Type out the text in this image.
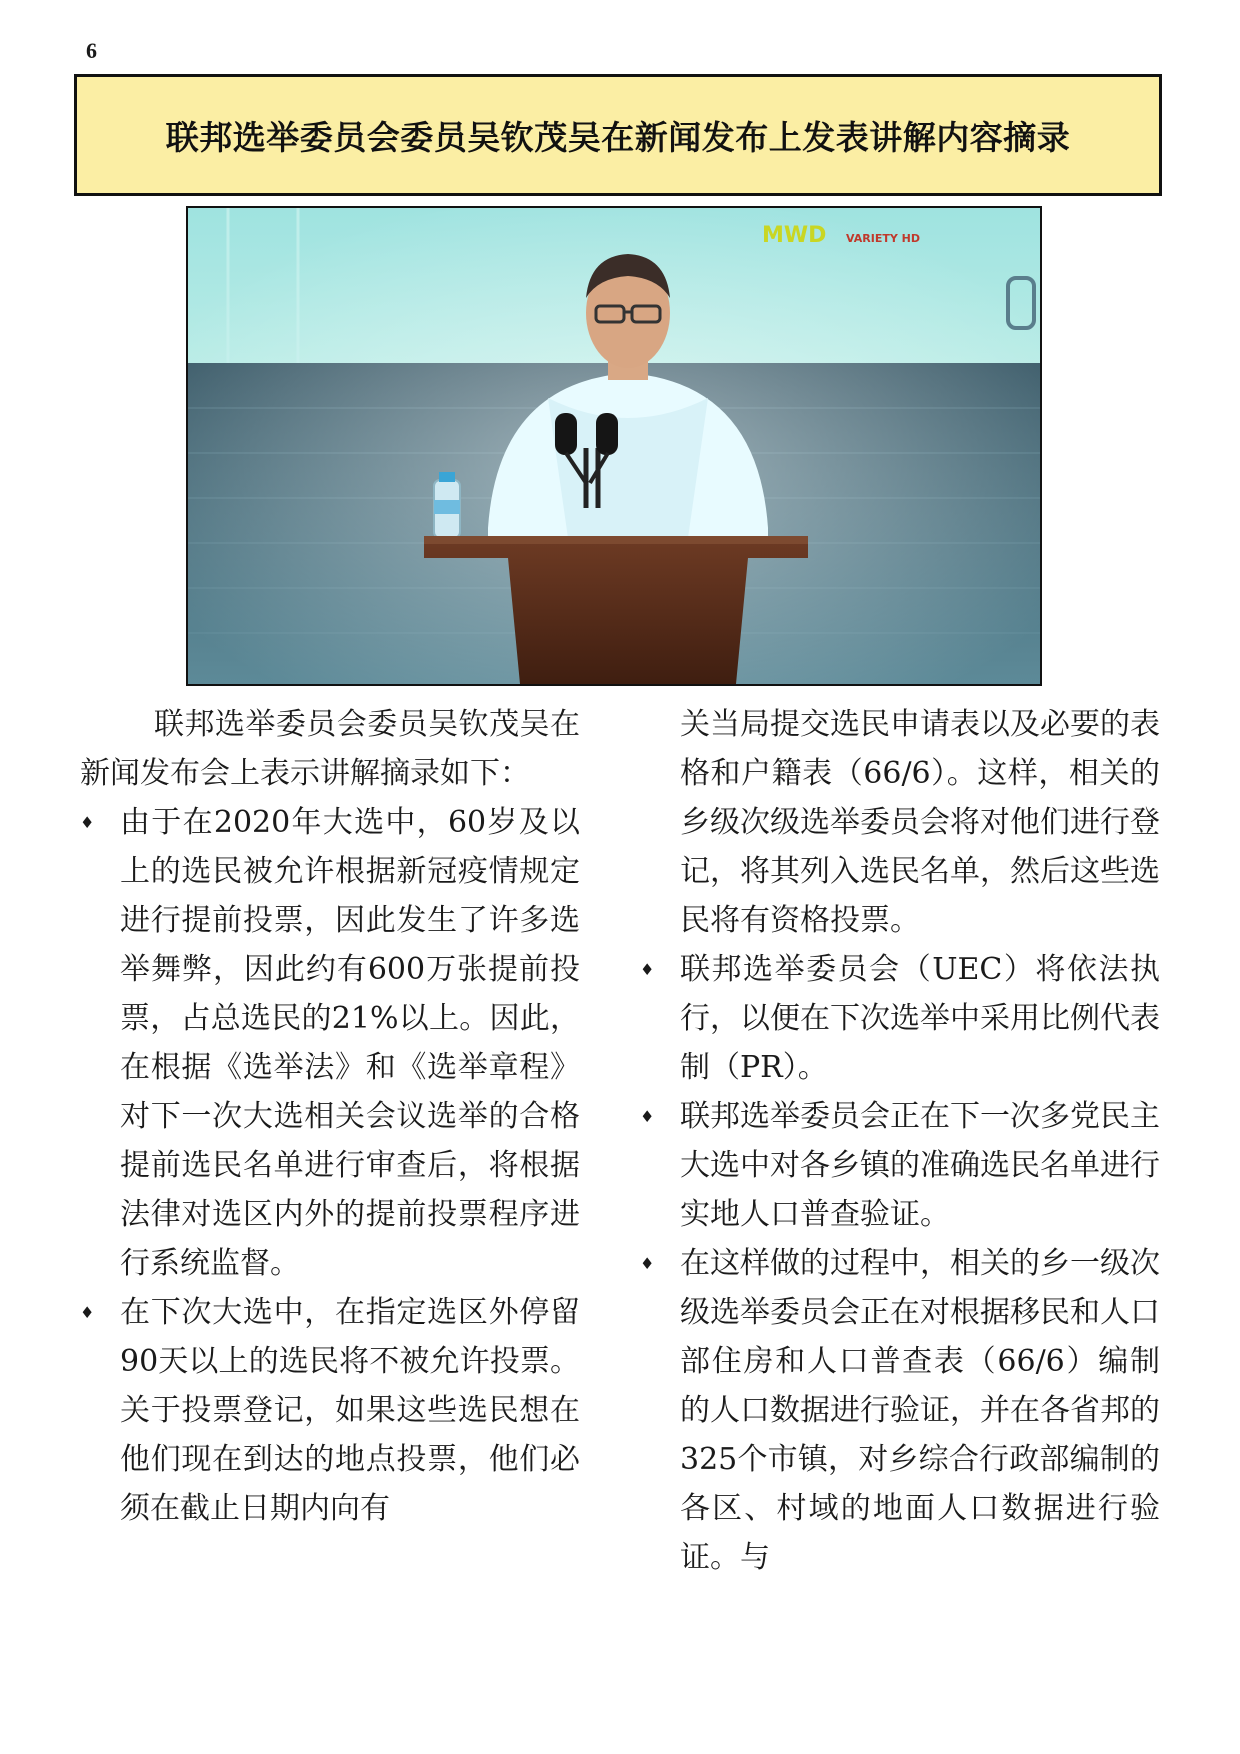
6
联邦选举委员会委员吴钦茂吴在新闻发布上发表讲解内容摘录
MWD VARIETY HD

联邦选举委员会委员吴钦茂吴在新闻发布会上表示讲解摘录如下：

♦ 由于在2020年大选中，60岁及以上的选民被允许根据新冠疫情规定进行提前投票，因此发生了许多选举舞弊，因此约有600万张提前投票，占总选民的21%以上。因此，在根据《选举法》和《选举章程》对下一次大选相关会议选举的合格提前选民名单进行审查后，将根据法律对选区内外的提前投票程序进行系统监督。

♦ 在下次大选中，在指定选区外停留90天以上的选民将不被允许投票。关于投票登记，如果这些选民想在他们现在到达的地点投票，他们必须在截止日期内向有

关当局提交选民申请表以及必要的表格和户籍表（66/6）。这样，相关的乡级次级选举委员会将对他们进行登记，将其列入选民名单，然后这些选民将有资格投票。

♦ 联邦选举委员会（UEC）将依法执行，以便在下次选举中采用比例代表制（PR）。

♦ 联邦选举委员会正在下一次多党民主大选中对各乡镇的准确选民名单进行实地人口普查验证。

♦ 在这样做的过程中，相关的乡一级次级选举委员会正在对根据移民和人口部住房和人口普查表（66/6）编制的人口数据进行验证，并在各省邦的325个市镇，对乡综合行政部编制的各区、村域的地面人口数据进行验证。与
